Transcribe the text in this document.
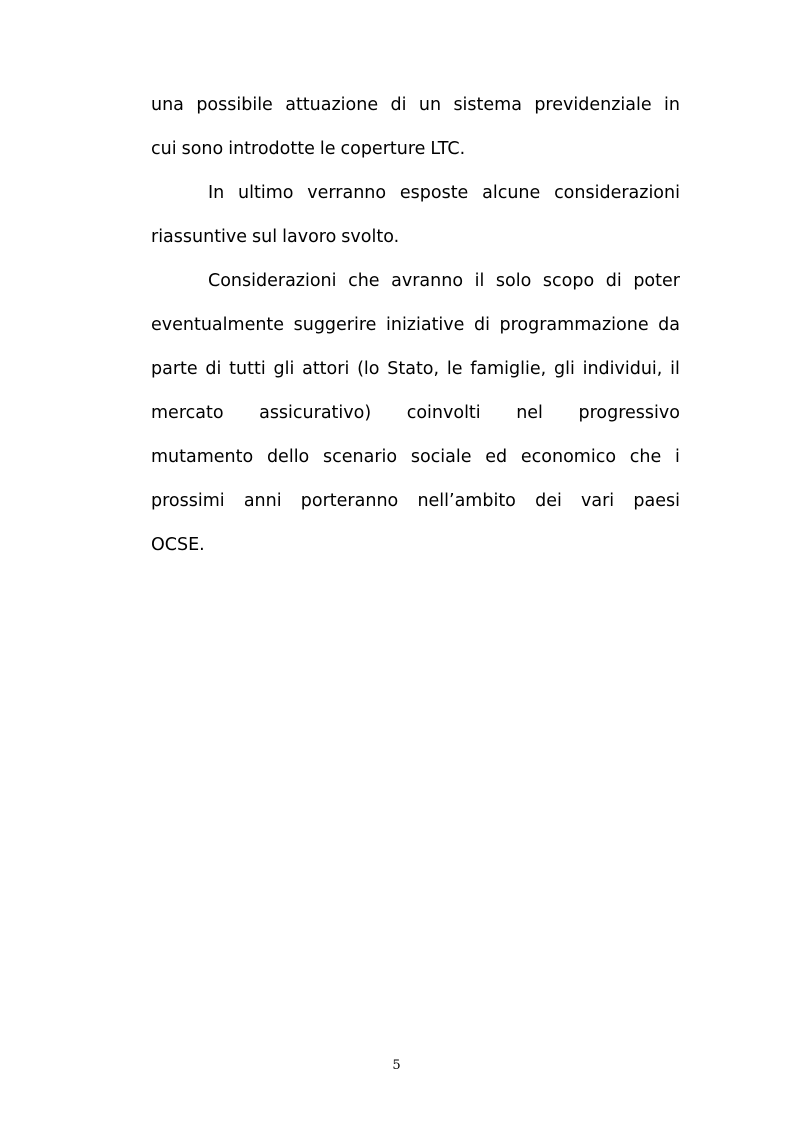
una possibile attuazione di un sistema previdenziale in
cui sono introdotte le coperture LTC.
In ultimo verranno esposte alcune considerazioni
riassuntive sul lavoro svolto.
Considerazioni che avranno il solo scopo di poter
eventualmente suggerire iniziative di programmazione da
parte di tutti gli attori (lo Stato, le famiglie, gli individui, il
mercato assicurativo) coinvolti nel progressivo
mutamento dello scenario sociale ed economico che i
prossimi anni porteranno nell’ambito dei vari paesi
OCSE.
5
